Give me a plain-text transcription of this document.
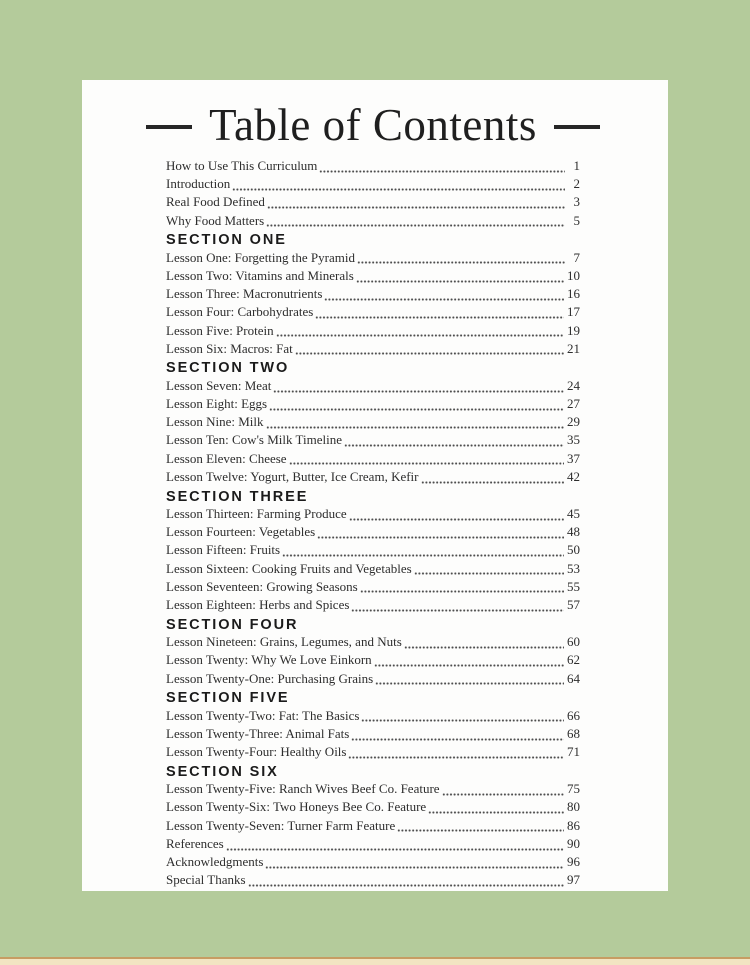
Table of Contents
How to Use This Curriculum	1
Introduction	2
Real Food Defined	3
Why Food Matters	5
SECTION ONE
Lesson One: Forgetting the Pyramid	7
Lesson Two: Vitamins and Minerals	10
Lesson Three: Macronutrients	16
Lesson Four: Carbohydrates	17
Lesson Five: Protein	19
Lesson Six: Macros: Fat	21
SECTION TWO
Lesson Seven: Meat	24
Lesson Eight: Eggs	27
Lesson Nine: Milk	29
Lesson Ten: Cow's Milk Timeline	35
Lesson Eleven: Cheese	37
Lesson Twelve: Yogurt, Butter, Ice Cream, Kefir	42
SECTION THREE
Lesson Thirteen: Farming Produce	45
Lesson Fourteen: Vegetables	48
Lesson Fifteen: Fruits	50
Lesson Sixteen: Cooking Fruits and Vegetables	53
Lesson Seventeen: Growing Seasons	55
Lesson Eighteen: Herbs and Spices	57
SECTION FOUR
Lesson Nineteen: Grains, Legumes, and Nuts	60
Lesson Twenty: Why We Love Einkorn	62
Lesson Twenty-One: Purchasing Grains	64
SECTION FIVE
Lesson Twenty-Two: Fat: The Basics	66
Lesson Twenty-Three: Animal Fats	68
Lesson Twenty-Four: Healthy Oils	71
SECTION SIX
Lesson Twenty-Five: Ranch Wives Beef Co. Feature	75
Lesson Twenty-Six: Two Honeys Bee Co. Feature	80
Lesson Twenty-Seven: Turner Farm Feature	86
References	90
Acknowledgments	96
Special Thanks	97
